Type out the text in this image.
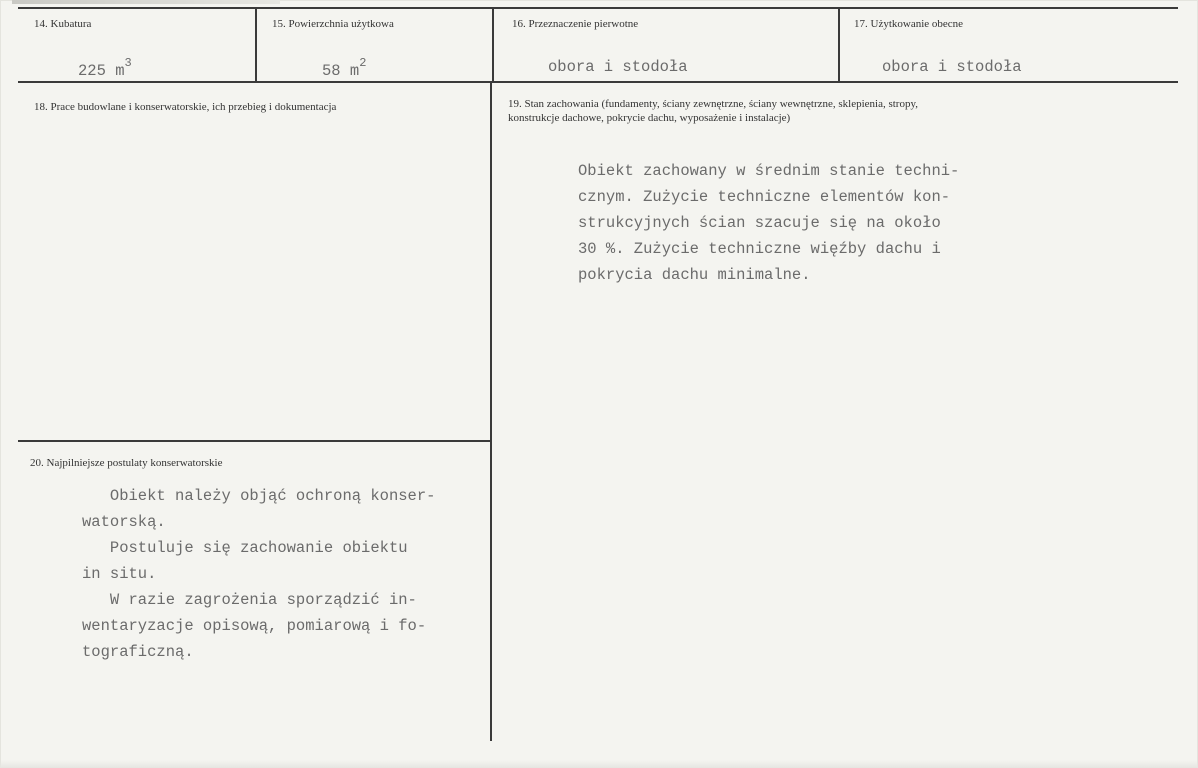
14. Kubatura
225 $m^3$
15. Powierzchnia użytkowa
58 $m^2$
16. Przeznaczenie pierwotne
obora i stodoła
17. Użytkowanie obecne
obora i stodoła
18. Prace budowlane i konserwatorskie, ich przebieg i dokumentacja	19. Stan zachowania (fundamenty, ściany zewnętrzne, ściany wewnętrzne, sklepienia, stropy,
konstrukcje dachowe, pokrycie dachu, wyposażenie i instalacje)
Obiekt zachowany w średnim stanie techni-
cznym. Zużycie techniczne elementów kon-
strukcyjnych ścian szacuje się na około
30 %. Zużycie techniczne więźby dachu i
pokrycia dachu minimalne.
20. Najpilniejsze postulaty konserwatorskie
Obiekt należy objąć ochroną konser-
watorską.
Postuluje się zachowanie obiektu
in situ.
W razie zagrożenia sporządzić in-
wentaryzacje opisową, pomiarową i fo-
tograficzną.
